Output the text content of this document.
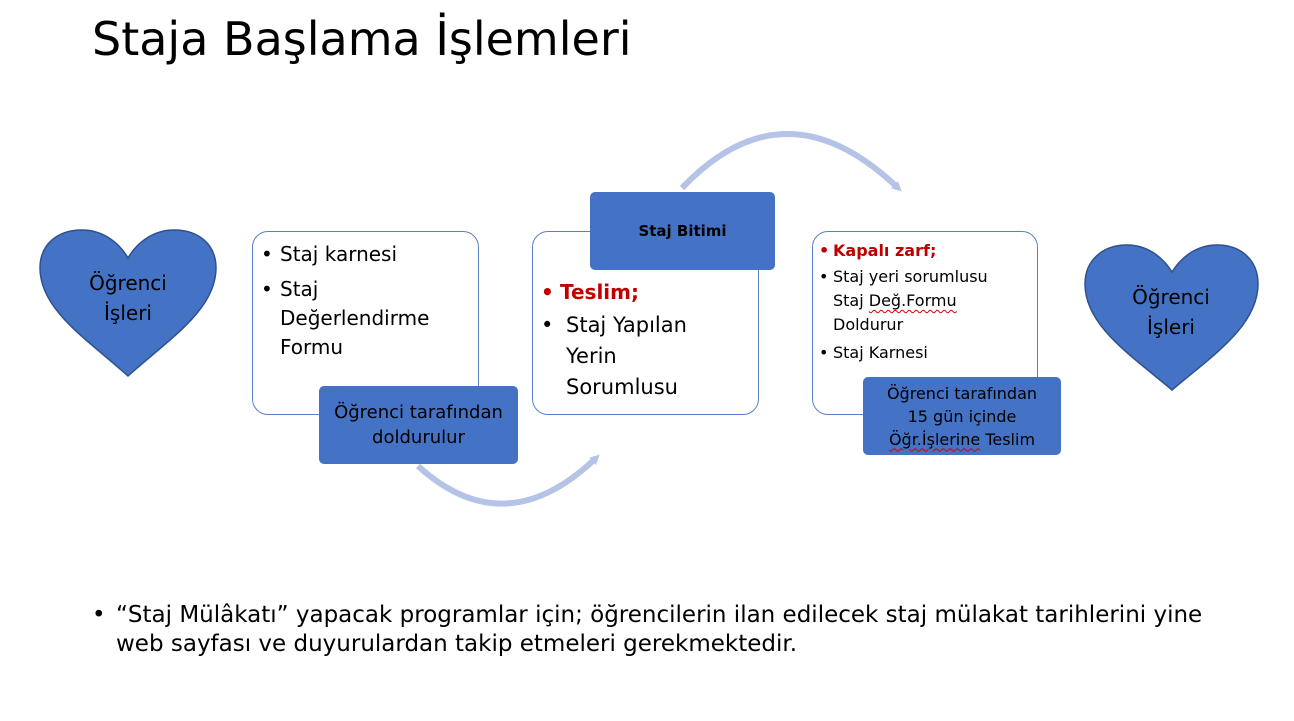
Staja Başlama İşlemleri
Öğrenci
İşleri
Öğrenci
İşleri
• Staj karnesi
• Staj Değerlendirme Formu
Öğrenci tarafından
doldurulur
• Teslim;
• Staj Yapılan Yerin Sorumlusu
Staj Bitimi
• Kapalı zarf;
• Staj yeri sorumlusu Staj Değ.Formu Doldurur
• Staj Karnesi
Öğrenci tarafından
15 gün içinde
Öğr.İşlerine Teslim
• “Staj Mülâkatı” yapacak programlar için; öğrencilerin ilan edilecek staj mülakat tarihlerini yine web sayfası ve duyurulardan takip etmeleri gerekmektedir.
